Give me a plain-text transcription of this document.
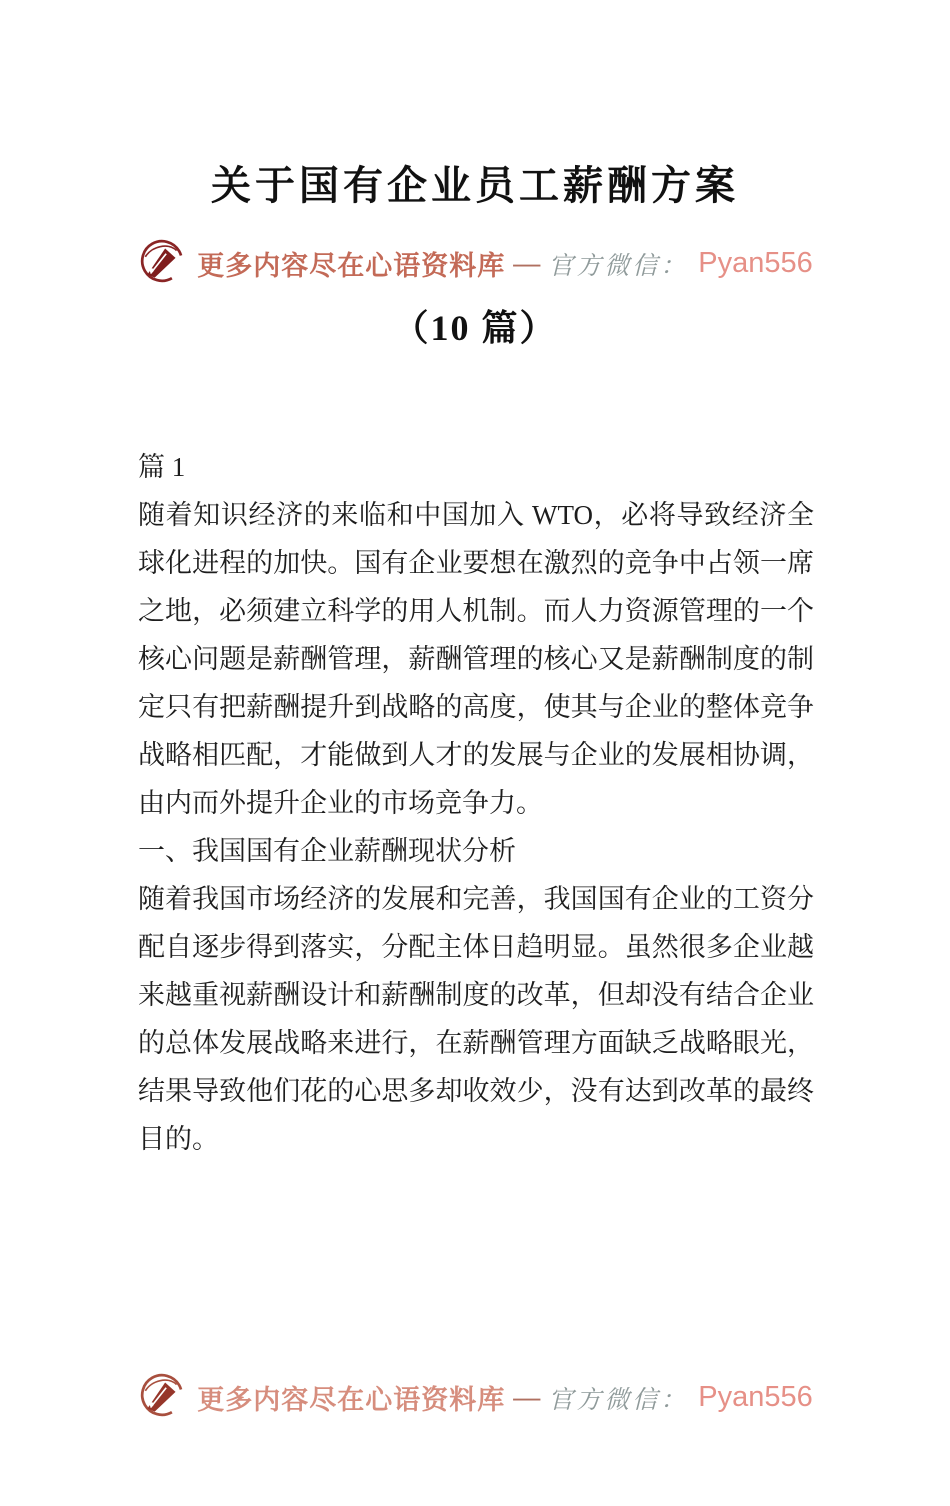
更多内容尽在心语资料库 — 官方微信： Pyan556
关于国有企业员工薪酬方案
（10 篇）

篇 1

随着知识经济的来临和中国加入 WTO，必将导致经济全球化进程的加快。国有企业要想在激烈的竞争中占领一席之地，必须建立科学的用人机制。而人力资源管理的一个核心问题是薪酬管理，薪酬管理的核心又是薪酬制度的制定只有把薪酬提升到战略的高度，使其与企业的整体竞争战略相匹配，才能做到人才的发展与企业的发展相协调，由内而外提升企业的市场竞争力。

一、我国国有企业薪酬现状分析

随着我国市场经济的发展和完善，我国国有企业的工资分配自逐步得到落实，分配主体日趋明显。虽然很多企业越来越重视薪酬设计和薪酬制度的改革，但却没有结合企业的总体发展战略来进行，在薪酬管理方面缺乏战略眼光，结果导致他们花的心思多却收效少，没有达到改革的最终目的。

更多内容尽在心语资料库 — 官方微信： Pyan556
